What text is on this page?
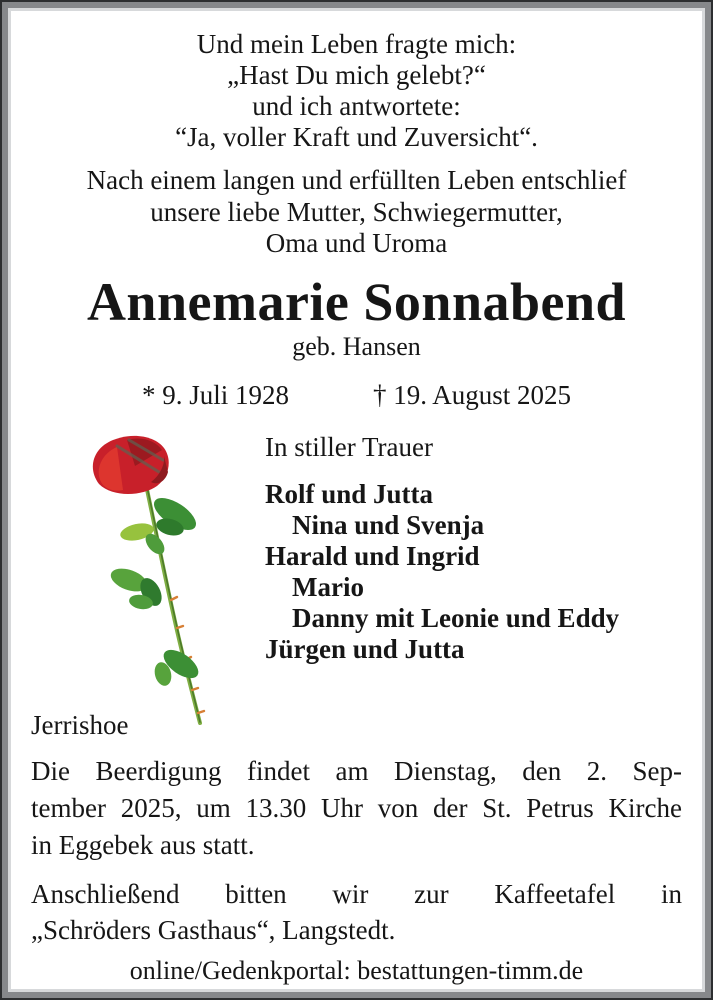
Und mein Leben fragte mich:
„Hast Du mich gelebt?“
und ich antwortete:
“Ja, voller Kraft und Zuversicht“.
Nach einem langen und erfüllten Leben entschlief
unsere liebe Mutter, Schwiegermutter,
Oma und Uroma
Annemarie Sonnabend
geb. Hansen
* 9. Juli 1928	† 19. August 2025
In stiller Trauer
Rolf und Jutta
Nina und Svenja
Harald und Ingrid
Mario
Danny mit Leonie und Eddy
Jürgen und Jutta
Jerrishoe
Die Beerdigung findet am Dienstag, den 2. Sep-
tember 2025, um 13.30 Uhr von der St. Petrus Kirche
in Eggebek aus statt.
Anschließend bitten wir zur Kaffeetafel in
„Schröders Gasthaus“, Langstedt.
online/Gedenkportal: bestattungen-timm.de
